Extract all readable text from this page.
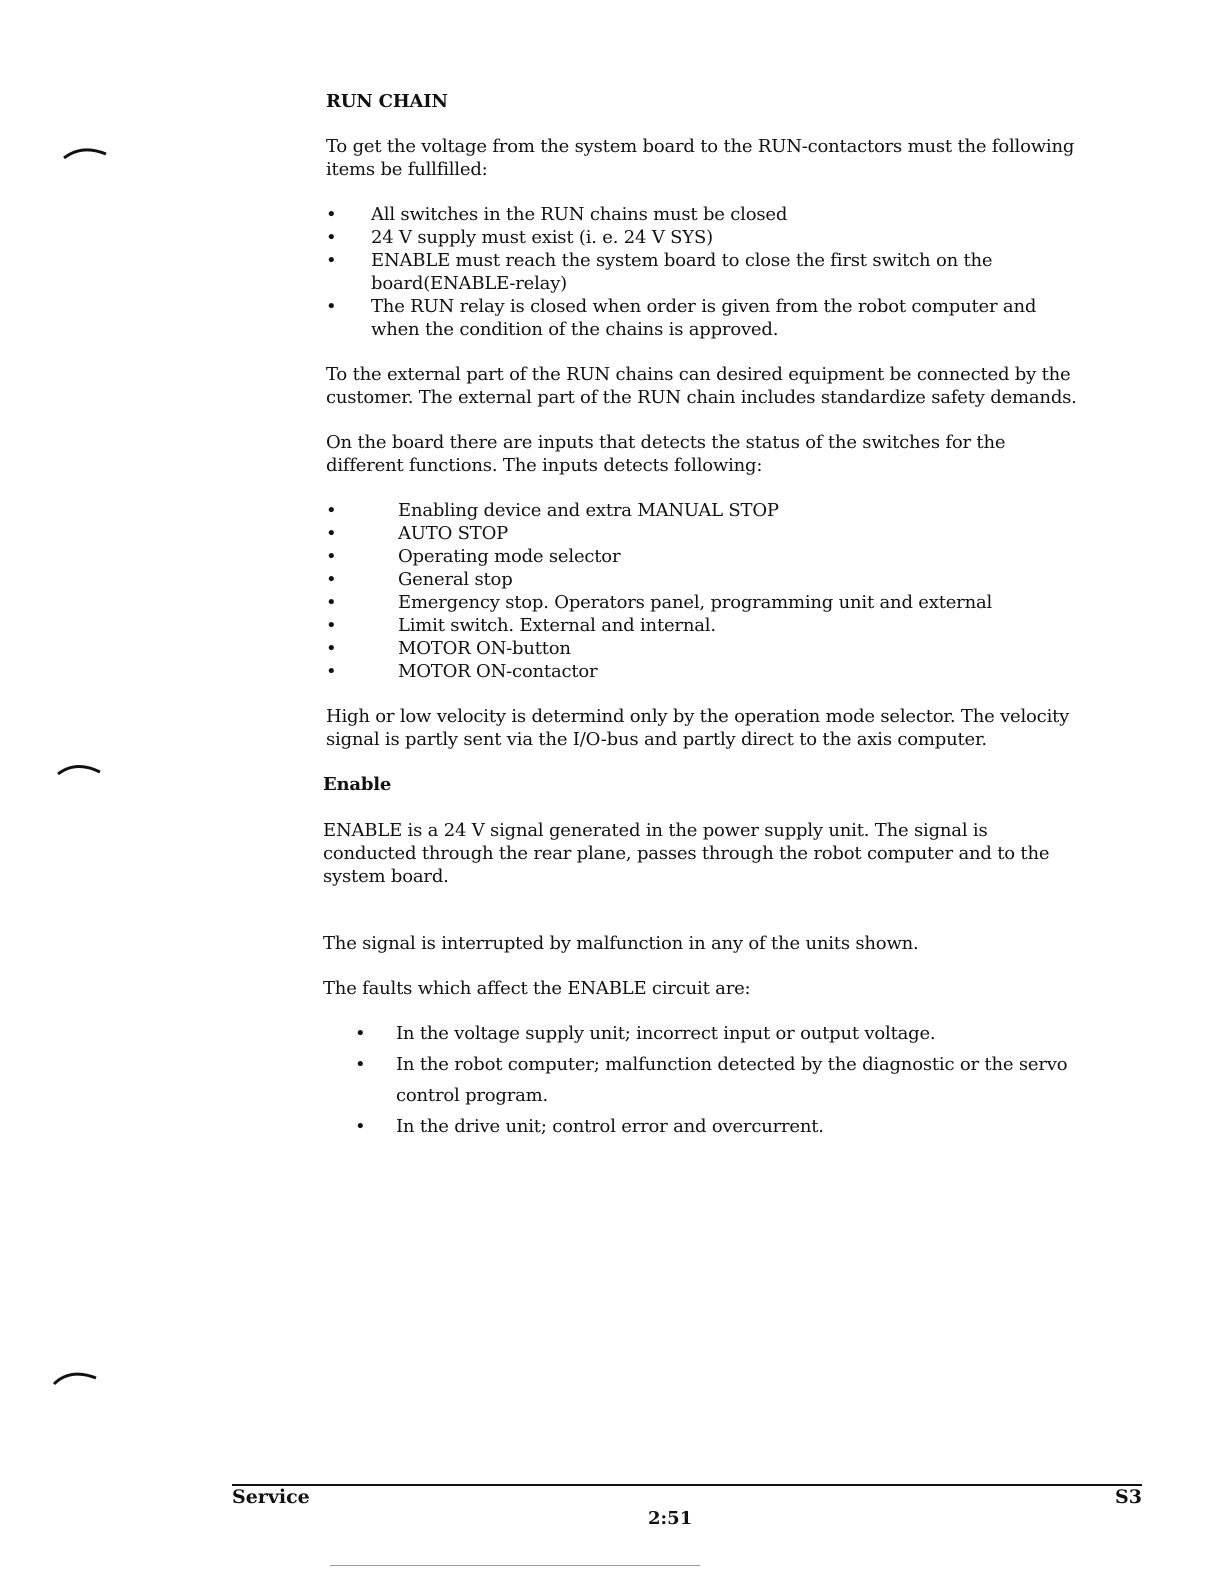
RUN CHAIN

To get the voltage from the system board to the RUN-contactors must the following items be fullfilled:

• All switches in the RUN chains must be closed
• 24 V supply must exist (i. e. 24 V SYS)
• ENABLE must reach the system board to close the first switch on the board(ENABLE-relay)
• The RUN relay is closed when order is given from the robot computer and when the condition of the chains is approved.

To the external part of the RUN chains can desired equipment be connected by the customer. The external part of the RUN chain includes standardize safety demands.

On the board there are inputs that detects the status of the switches for the different functions. The inputs detects following:

• Enabling device and extra MANUAL STOP
• AUTO STOP
• Operating mode selector
• General stop
• Emergency stop. Operators panel, programming unit and external
• Limit switch. External and internal.
• MOTOR ON-button
• MOTOR ON-contactor

High or low velocity is determind only by the operation mode selector. The velocity signal is partly sent via the I/O-bus and partly direct to the axis computer.

Enable

ENABLE is a 24 V signal generated in the power supply unit. The signal is conducted through the rear plane, passes through the robot computer and to the system board.

The signal is interrupted by malfunction in any of the units shown.

The faults which affect the ENABLE circuit are:

• In the voltage supply unit; incorrect input or output voltage.
• In the robot computer; malfunction detected by the diagnostic or the servo control program.
• In the drive unit; control error and overcurrent.
Service	S3
2:51
